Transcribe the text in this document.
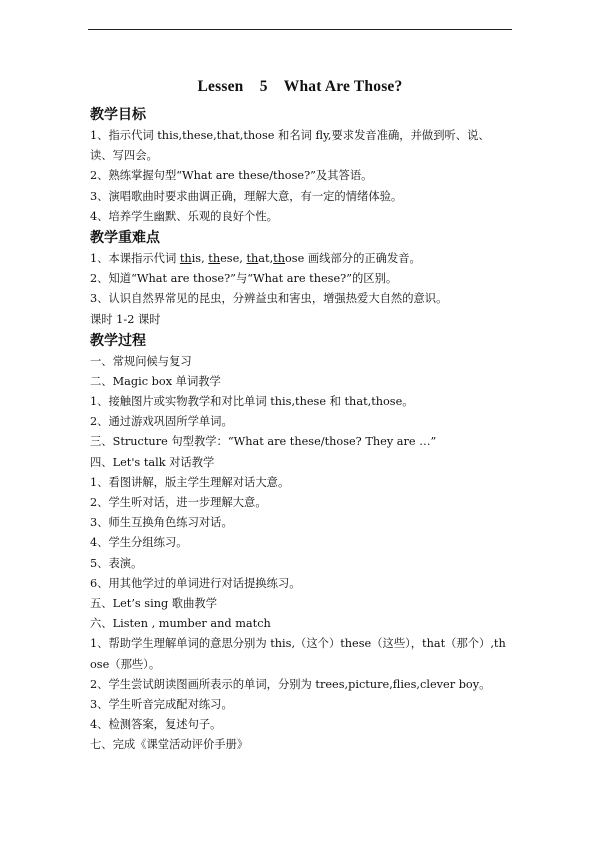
Lessen    5    What Are Those?
教学目标
1、指示代词 this,these,that,those 和名词 fly,要求发音准确，并做到听、说、读、写四会。
2、熟练掌握句型“What are these/those?”及其答语。
3、演唱歌曲时要求曲调正确，理解大意，有一定的情绪体验。
4、培养学生幽默、乐观的良好个性。
教学重难点
1、本课指示代词 this, these, that,those 画线部分的正确发音。
2、知道“What are those?”与“What are these?”的区别。
3、认识自然界常见的昆虫，分辨益虫和害虫，增强热爱大自然的意识。
课时 1-2 课时
教学过程
一、常规问候与复习
二、Magic box 单词教学
1、接触图片或实物教学和对比单词 this,these 和 that,those。
2、通过游戏巩固所学单词。
三、Structure 句型教学：“What are these/those? They are …”
四、Let's talk 对话教学
1、看图讲解，版主学生理解对话大意。
2、学生听对话，进一步理解大意。
3、师生互换角色练习对话。
4、学生分组练习。
5、表演。
6、用其他学过的单词进行对话提换练习。
五、Let’s sing 歌曲教学
六、Listen , mumber and match
1、帮助学生理解单词的意思分别为 this,（这个）these（这些），that（那个）,those（那些）。
2、学生尝试朗读图画所表示的单词，分别为 trees,picture,flies,clever boy。
3、学生听音完成配对练习。
4、检测答案，复述句子。
七、完成《课堂活动评价手册》
